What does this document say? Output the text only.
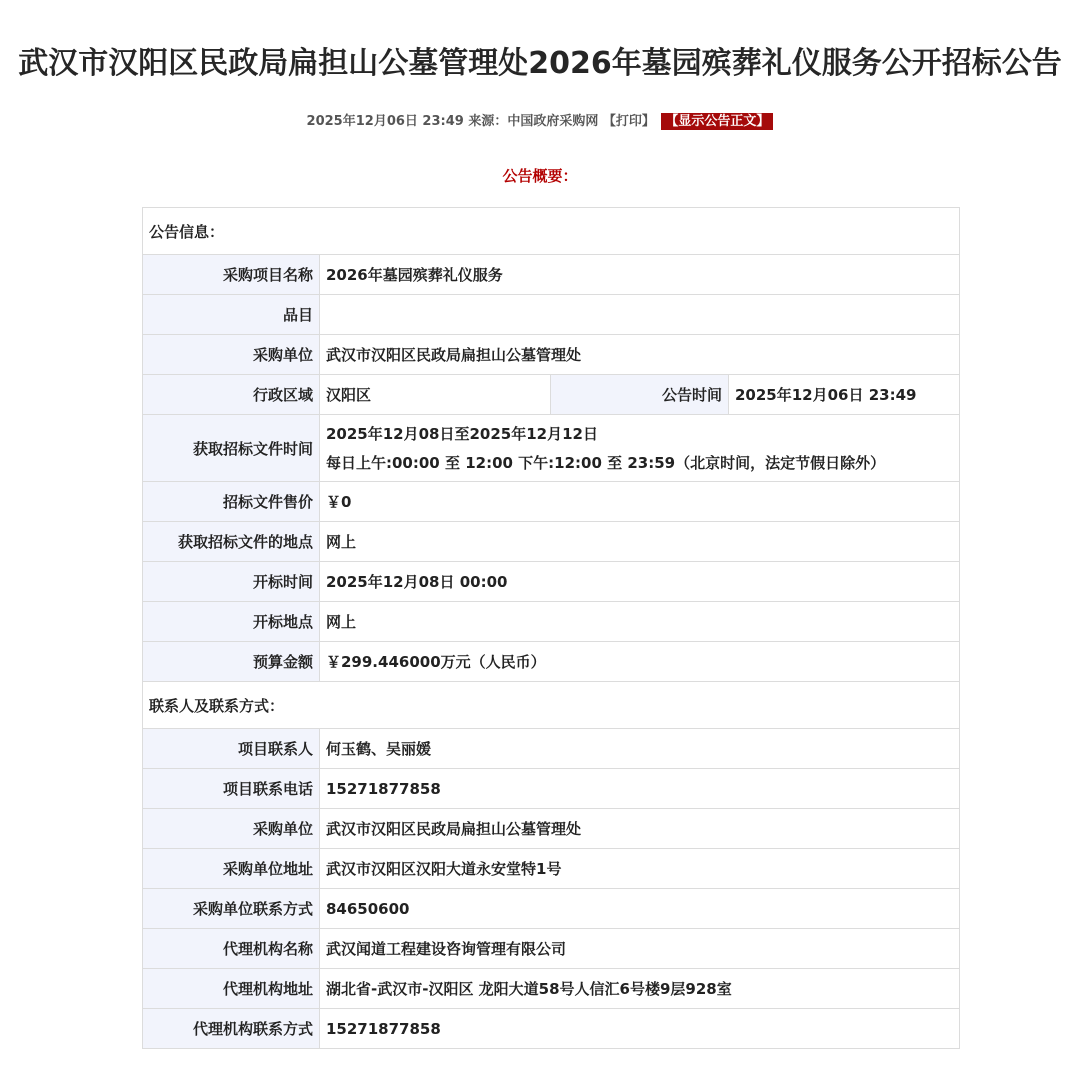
武汉市汉阳区民政局扁担山公墓管理处2026年墓园殡葬礼仪服务公开招标公告
2025年12月06日 23:49 来源：中国政府采购网 【打印】 【显示公告正文】
公告概要：
公告信息：			
采购项目名称	2026年墓园殡葬礼仪服务		
品目			
采购单位	武汉市汉阳区民政局扁担山公墓管理处		
行政区域	汉阳区	公告时间	2025年12月06日 23:49
获取招标文件时间	2025年12月08日至2025年12月12日
每日上午:00:00 至 12:00 下午:12:00 至 23:59（北京时间，法定节假日除外）		

招标文件售价	￥0		
获取招标文件的地点	网上		
开标时间	2025年12月08日 00:00		
开标地点	网上		
预算金额	￥299.446000万元（人民币）		
联系人及联系方式：			
项目联系人	何玉鹤、吴丽媛		
项目联系电话	15271877858		
采购单位	武汉市汉阳区民政局扁担山公墓管理处		
采购单位地址	武汉市汉阳区汉阳大道永安堂特1号		
采购单位联系方式	84650600		
代理机构名称	武汉闻道工程建设咨询管理有限公司		
代理机构地址	湖北省-武汉市-汉阳区 龙阳大道58号人信汇6号楼9层928室		
代理机构联系方式	15271877858		
